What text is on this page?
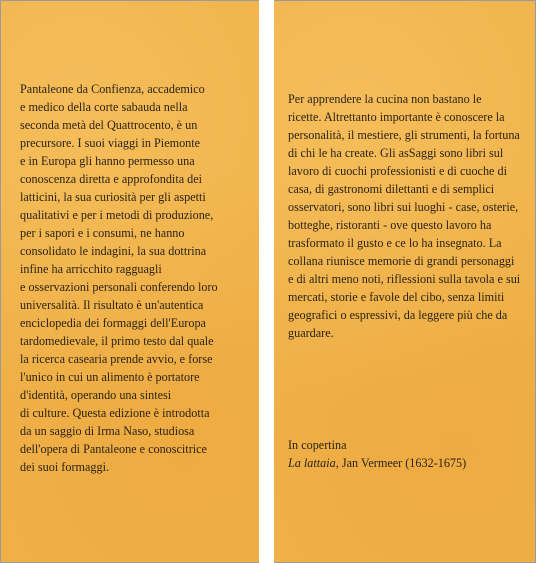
Pantaleone da Confienza, accademico

e medico della corte sabauda nella

seconda metà del Quattrocento, è un

precursore. I suoi viaggi in Piemonte

e in Europa gli hanno permesso una

conoscenza diretta e approfondita dei

latticini, la sua curiosità per gli aspetti

qualitativi e per i metodi di produzione,

per i sapori e i consumi, ne hanno

consolidato le indagini, la sua dottrina

infine ha arricchito ragguagli

e osservazioni personali conferendo loro

universalità. Il risultato è un'autentica

enciclopedia dei formaggi dell'Europa

tardomedievale, il primo testo dal quale

la ricerca casearia prende avvio, e forse

l'unico in cui un alimento è portatore

d'identità, operando una sintesi

di culture. Questa edizione è introdotta

da un saggio di Irma Naso, studiosa

dell'opera di Pantaleone e conoscitrice

dei suoi formaggi.

Per apprendere la cucina non bastano le

ricette. Altrettanto importante è conoscere la

personalità, il mestiere, gli strumenti, la fortuna

di chi le ha create. Gli asSaggi sono libri sul

lavoro di cuochi professionisti e di cuoche di

casa, di gastronomi dilettanti e di semplici

osservatori, sono libri sui luoghi - case, osterie,

botteghe, ristoranti - ove questo lavoro ha

trasformato il gusto e ce lo ha insegnato. La

collana riunisce memorie di grandi personaggi

e di altri meno noti, riflessioni sulla tavola e sui

mercati, storie e favole del cibo, senza limiti

geografici o espressivi, da leggere più che da

guardare.

In copertina

La lattaia, Jan Vermeer (1632-1675)
